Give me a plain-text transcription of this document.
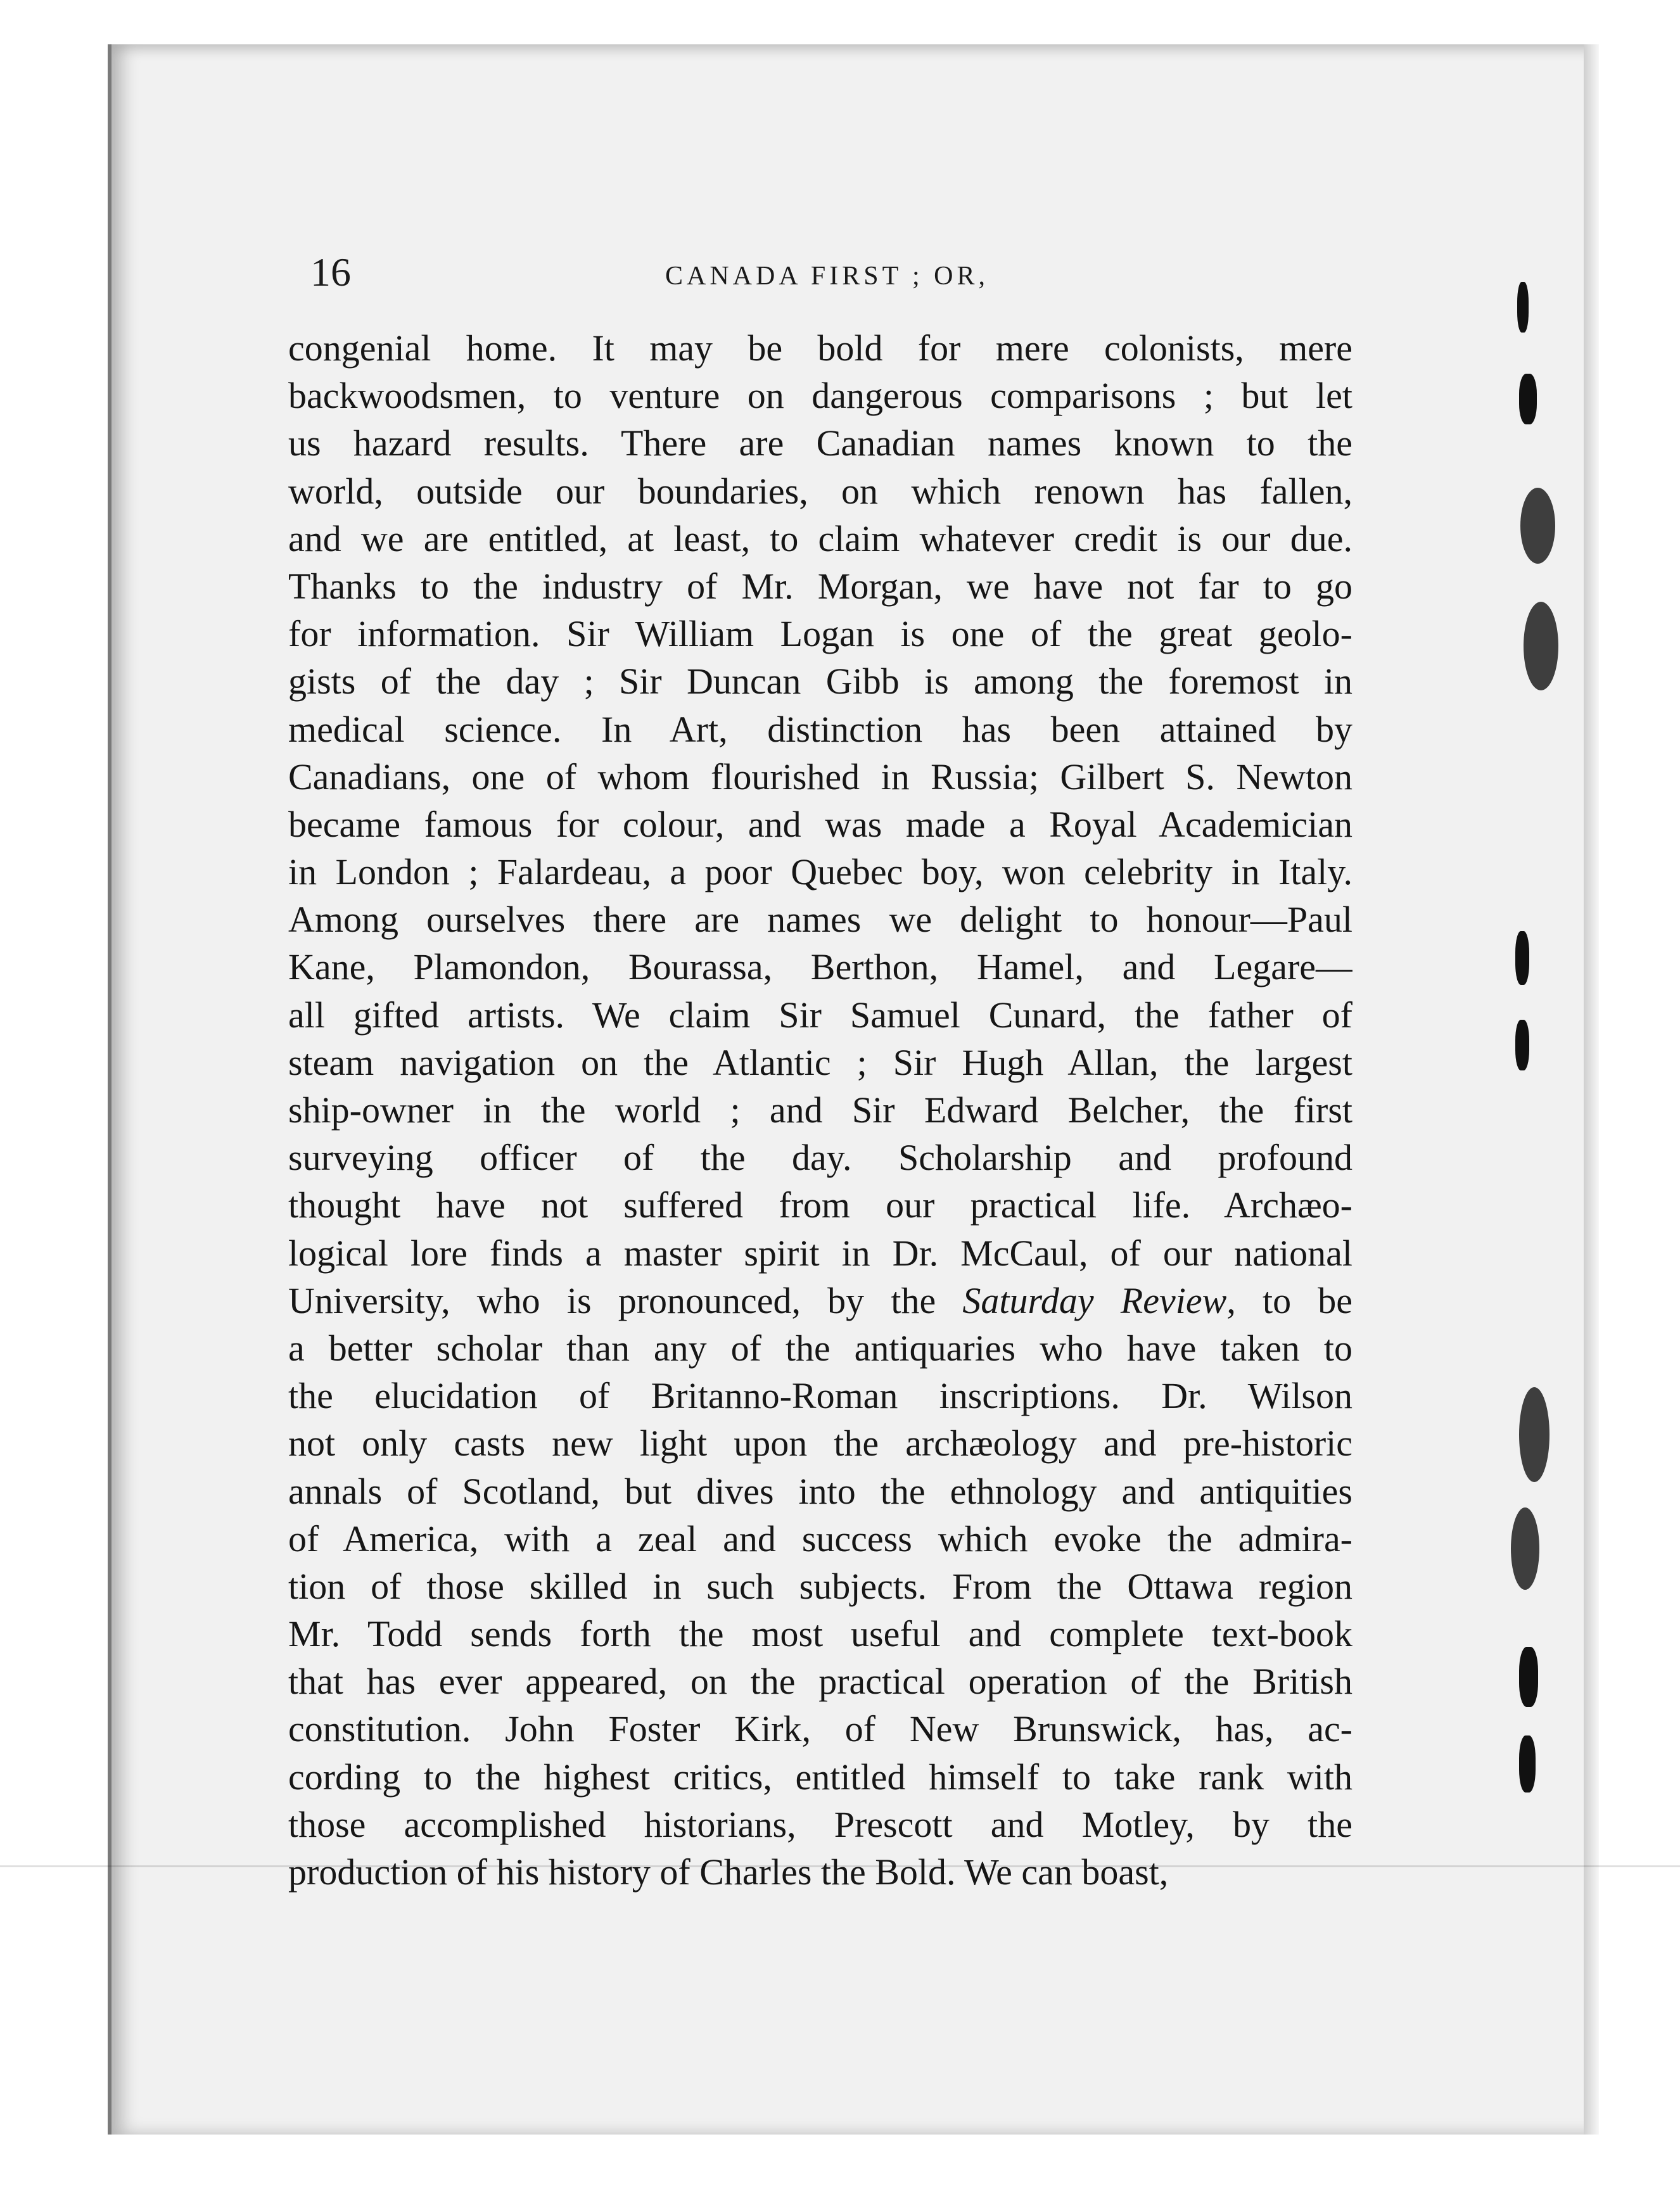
16	CANADA FIRST ; OR,
congenial home. It may be bold for mere colonists, mere
backwoodsmen, to venture on dangerous comparisons ; but let
us hazard results. There are Canadian names known to the
world, outside our boundaries, on which renown has fallen,
and we are entitled, at least, to claim whatever credit is our due.
Thanks to the industry of Mr. Morgan, we have not far to go
for information. Sir William Logan is one of the great geolo-
gists of the day ; Sir Duncan Gibb is among the foremost in
medical science. In Art, distinction has been attained by
Canadians, one of whom flourished in Russia; Gilbert S. Newton
became famous for colour, and was made a Royal Academician
in London ; Falardeau, a poor Quebec boy, won celebrity in Italy.
Among ourselves there are names we delight to honour—Paul
Kane, Plamondon, Bourassa, Berthon, Hamel, and Legare—
all gifted artists. We claim Sir Samuel Cunard, the father of
steam navigation on the Atlantic ; Sir Hugh Allan, the largest
ship-owner in the world ; and Sir Edward Belcher, the first
surveying officer of the day. Scholarship and profound
thought have not suffered from our practical life. Archæo-
logical lore finds a master spirit in Dr. McCaul, of our national
University, who is pronounced, by the Saturday Review, to be
a better scholar than any of the antiquaries who have taken to
the elucidation of Britanno-Roman inscriptions. Dr. Wilson
not only casts new light upon the archæology and pre-historic
annals of Scotland, but dives into the ethnology and antiquities
of America, with a zeal and success which evoke the admira-
tion of those skilled in such subjects. From the Ottawa region
Mr. Todd sends forth the most useful and complete text-book
that has ever appeared, on the practical operation of the British
constitution. John Foster Kirk, of New Brunswick, has, ac-
cording to the highest critics, entitled himself to take rank with
those accomplished historians, Prescott and Motley, by the
production of his history of Charles the Bold. We can boast,
